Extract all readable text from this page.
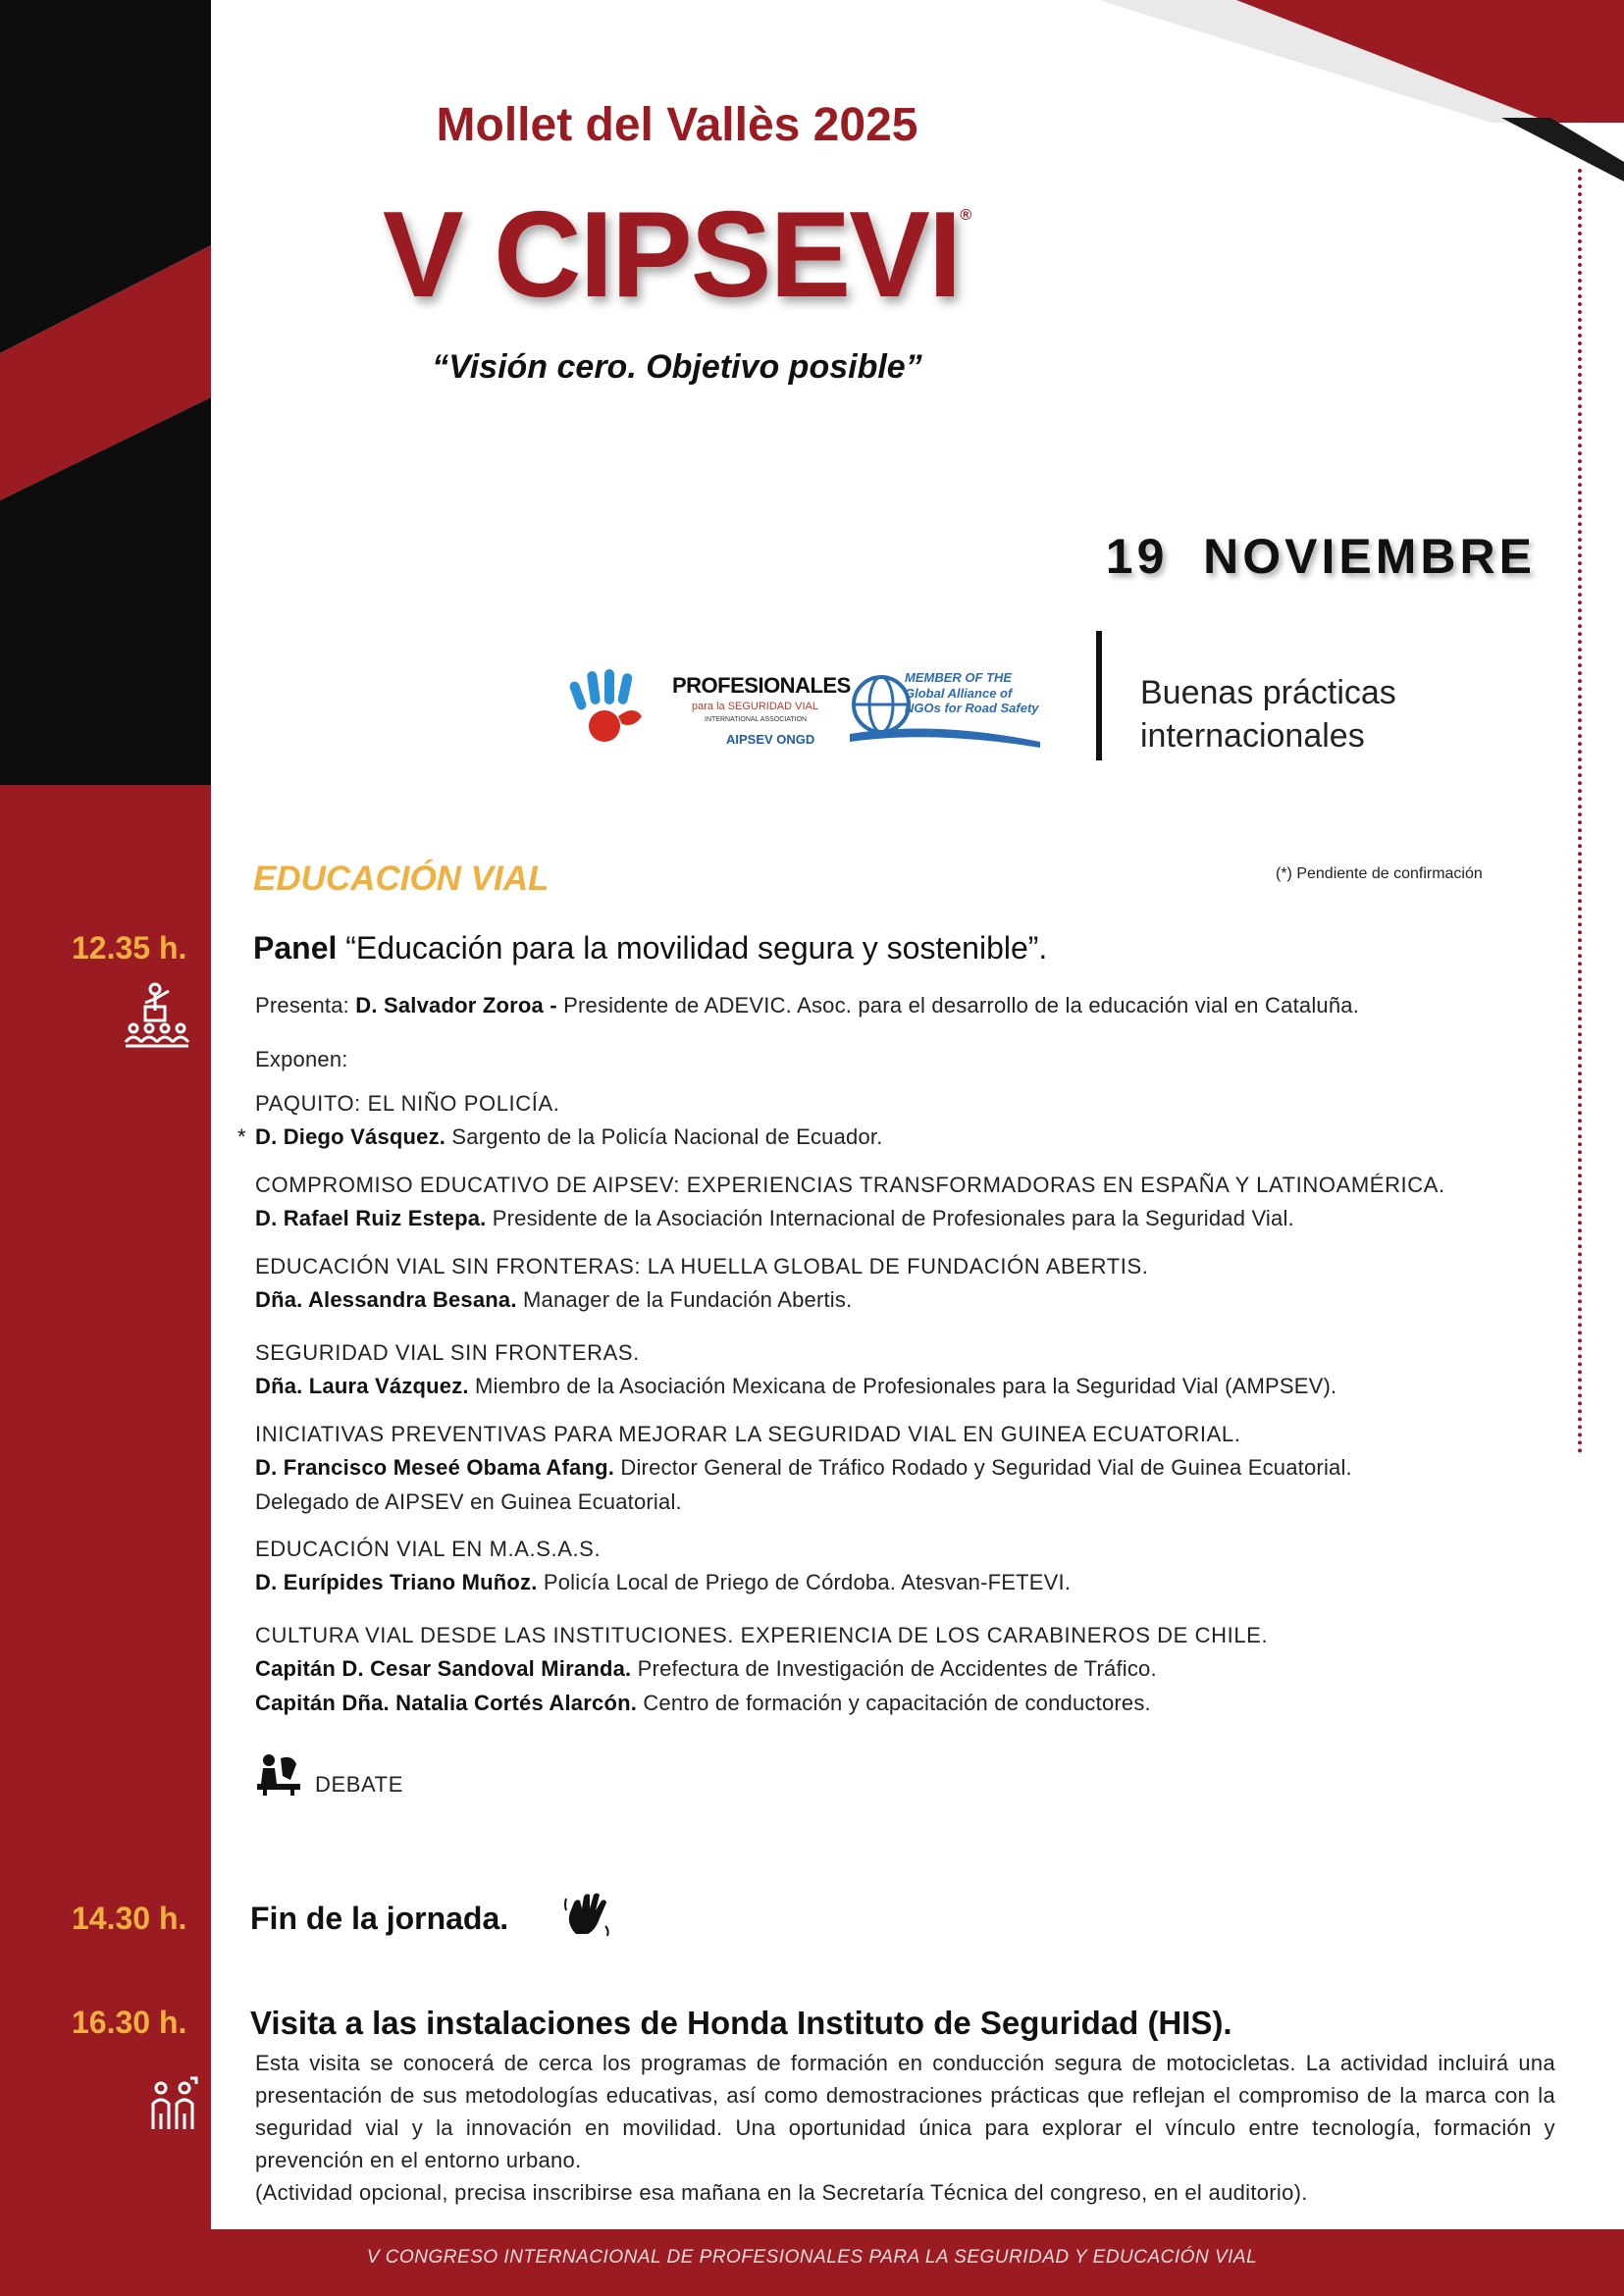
V CONGRESO INTERNACIONAL DE PROFESIONALES PARA LA SEGURIDAD Y EDUCACIÓN VIAL
Mollet del Vallès 2025
V CIPSEVI®
“Visión cero. Objetivo posible”
19  NOVIEMBRE
PROFESIONALES
para la SEGURIDAD VIAL
INTERNATIONAL ASSOCIATION
AIPSEV ONGD
MEMBER OF THE
Global Alliance of
NGOs for Road Safety	Buenas prácticas
internacionales
EDUCACIÓN VIAL	(*) Pendiente de confirmación
12.35 h. Panel “Educación para la movilidad segura y sostenible”.
Presenta: D. Salvador Zoroa - Presidente de ADEVIC. Asoc. para el desarrollo de la educación vial en Cataluña.
Exponen:
PAQUITO: EL NIÑO POLICÍA.
* D. Diego Vásquez. Sargento de la Policía Nacional de Ecuador.
COMPROMISO EDUCATIVO DE AIPSEV: EXPERIENCIAS TRANSFORMADORAS EN ESPAÑA Y LATINOAMÉRICA.
D. Rafael Ruiz Estepa. Presidente de la Asociación Internacional de Profesionales para la Seguridad Vial.
EDUCACIÓN VIAL SIN FRONTERAS: LA HUELLA GLOBAL DE FUNDACIÓN ABERTIS.
Dña. Alessandra Besana. Manager de la Fundación Abertis.
SEGURIDAD VIAL SIN FRONTERAS.
Dña. Laura Vázquez. Miembro de la Asociación Mexicana de Profesionales para la Seguridad Vial (AMPSEV).
INICIATIVAS PREVENTIVAS PARA MEJORAR LA SEGURIDAD VIAL EN GUINEA ECUATORIAL.
D. Francisco Meseé Obama Afang. Director General de Tráfico Rodado y Seguridad Vial de Guinea Ecuatorial.
Delegado de AIPSEV en Guinea Ecuatorial.
EDUCACIÓN VIAL EN M.A.S.A.S.
D. Eurípides Triano Muñoz. Policía Local de Priego de Córdoba. Atesvan-FETEVI.
CULTURA VIAL DESDE LAS INSTITUCIONES. EXPERIENCIA DE LOS CARABINEROS DE CHILE.
Capitán D. Cesar Sandoval Miranda. Prefectura de Investigación de Accidentes de Tráfico.
Capitán Dña. Natalia Cortés Alarcón. Centro de formación y capacitación de conductores.
DEBATE
14.30 h. Fin de la jornada.
16.30 h. Visita a las instalaciones de Honda Instituto de Seguridad (HIS).
Esta visita se conocerá de cerca los programas de formación en conducción segura de motocicletas. La actividad incluirá una presentación de sus metodologías educativas, así como demostraciones prácticas que reflejan el compromiso de la marca con la seguridad vial y la innovación en movilidad. Una oportunidad única para explorar el vínculo entre tecnología, formación y prevención en el entorno urbano.
(Actividad opcional, precisa inscribirse esa mañana en la Secretaría Técnica del congreso, en el auditorio).
